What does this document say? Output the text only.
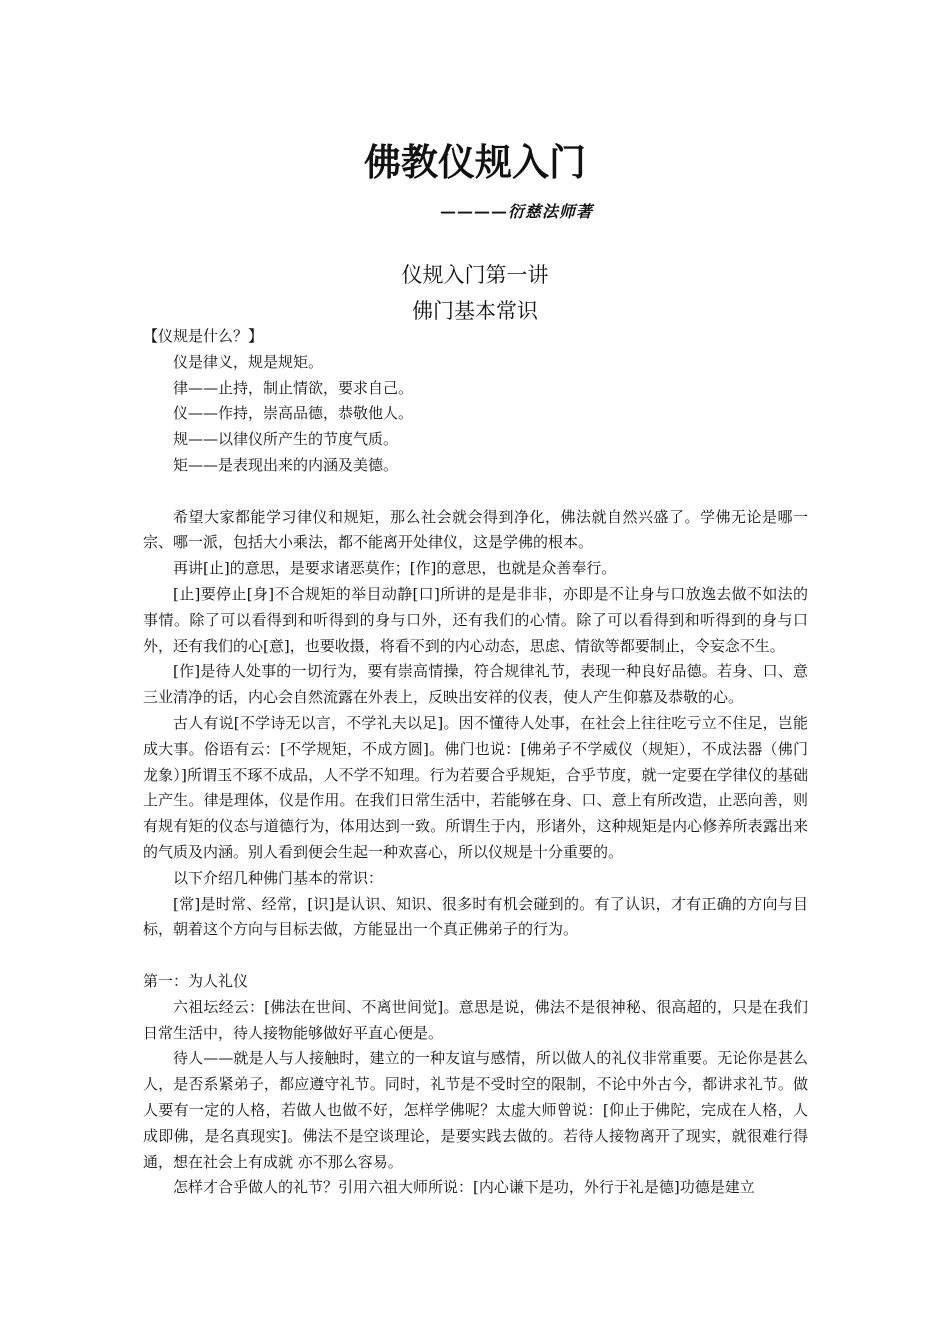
佛教仪规入门
————衍慈法师著
仪规入门第一讲
佛门基本常识

【仪规是什么？】

仪是律义，规是规矩。

律——止持，制止情欲，要求自己。

仪——作持，崇高品德，恭敬他人。

规——以律仪所产生的节度气质。

矩——是表现出来的内涵及美德。

希望大家都能学习律仪和规矩，那么社会就会得到净化，佛法就自然兴盛了。学佛无论是哪一宗、哪一派，包括大小乘法，都不能离开处律仪，这是学佛的根本。

再讲[止]的意思，是要求诸恶莫作；[作]的意思，也就是众善奉行。

[止]要停止[身]不合规矩的举目动静[口]所讲的是是非非，亦即是不让身与口放逸去做不如法的事情。除了可以看得到和听得到的身与口外，还有我们的心情。除了可以看得到和听得到的身与口外，还有我们的心[意]，也要收摄，将看不到的内心动态，思虑、情欲等都要制止，令妄念不生。

[作]是待人处事的一切行为，要有崇高情操，符合规律礼节，表现一种良好品德。若身、口、意三业清净的话，内心会自然流露在外表上，反映出安祥的仪表，使人产生仰慕及恭敬的心。

古人有说[不学诗无以言，不学礼夫以足]。因不懂待人处事，在社会上往往吃亏立不住足，岂能成大事。俗语有云：[不学规矩，不成方圆]。佛门也说：[佛弟子不学威仪（规矩），不成法器（佛门龙象）]所谓玉不琢不成品，人不学不知理。行为若要合乎规矩，合乎节度，就一定要在学律仪的基础上产生。律是理体，仪是作用。在我们日常生活中，若能够在身、口、意上有所改造，止恶向善，则有规有矩的仪态与道德行为，体用达到一致。所谓生于内，形诸外，这种规矩是内心修养所表露出来的气质及内涵。别人看到便会生起一种欢喜心，所以仪规是十分重要的。

以下介绍几种佛门基本的常识：

[常]是时常、经常，[识]是认识、知识、很多时有机会碰到的。有了认识，才有正确的方向与目标，朝着这个方向与目标去做，方能显出一个真正佛弟子的行为。

第一：为人礼仪

六祖坛经云：[佛法在世间、不离世间觉]。意思是说，佛法不是很神秘、很高超的，只是在我们日常生活中，待人接物能够做好平直心便是。

待人——就是人与人接触时，建立的一种友谊与感情，所以做人的礼仪非常重要。无论你是甚么人，是否系紧弟子，都应遵守礼节。同时，礼节是不受时空的限制，不论中外古今，都讲求礼节。做人要有一定的人格，若做人也做不好，怎样学佛呢？太虚大师曾说：[仰止于佛陀，完成在人格，人成即佛，是名真现实]。佛法不是空谈理论，是要实践去做的。若待人接物离开了现实，就很难行得通，想在社会上有成就 亦不那么容易。

怎样才合乎做人的礼节？引用六祖大师所说：[内心谦下是功，外行于礼是德]功德是建立
